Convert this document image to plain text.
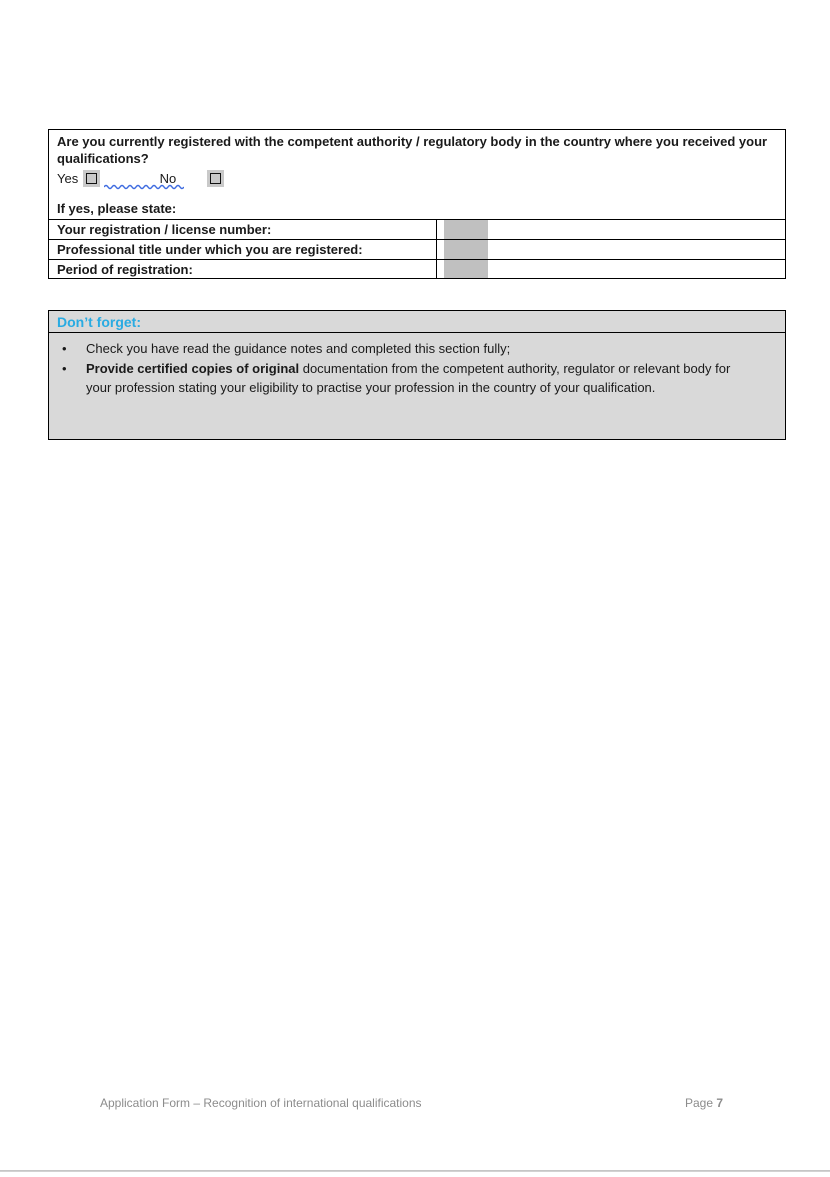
Are you currently registered with the competent authority / regulatory body in the country where you received your qualifications?
Yes	No
If yes, please state:
Your registration / license number:
Professional title under which you are registered:
Period of registration:
Don’t forget:
•	Check you have read the guidance notes and completed this section fully;
•	Provide certified copies of original documentation from the competent authority, regulator or relevant body for your profession stating your eligibility to practise your profession in the country of your qualification.
Application Form – Recognition of international qualifications	Page 7
